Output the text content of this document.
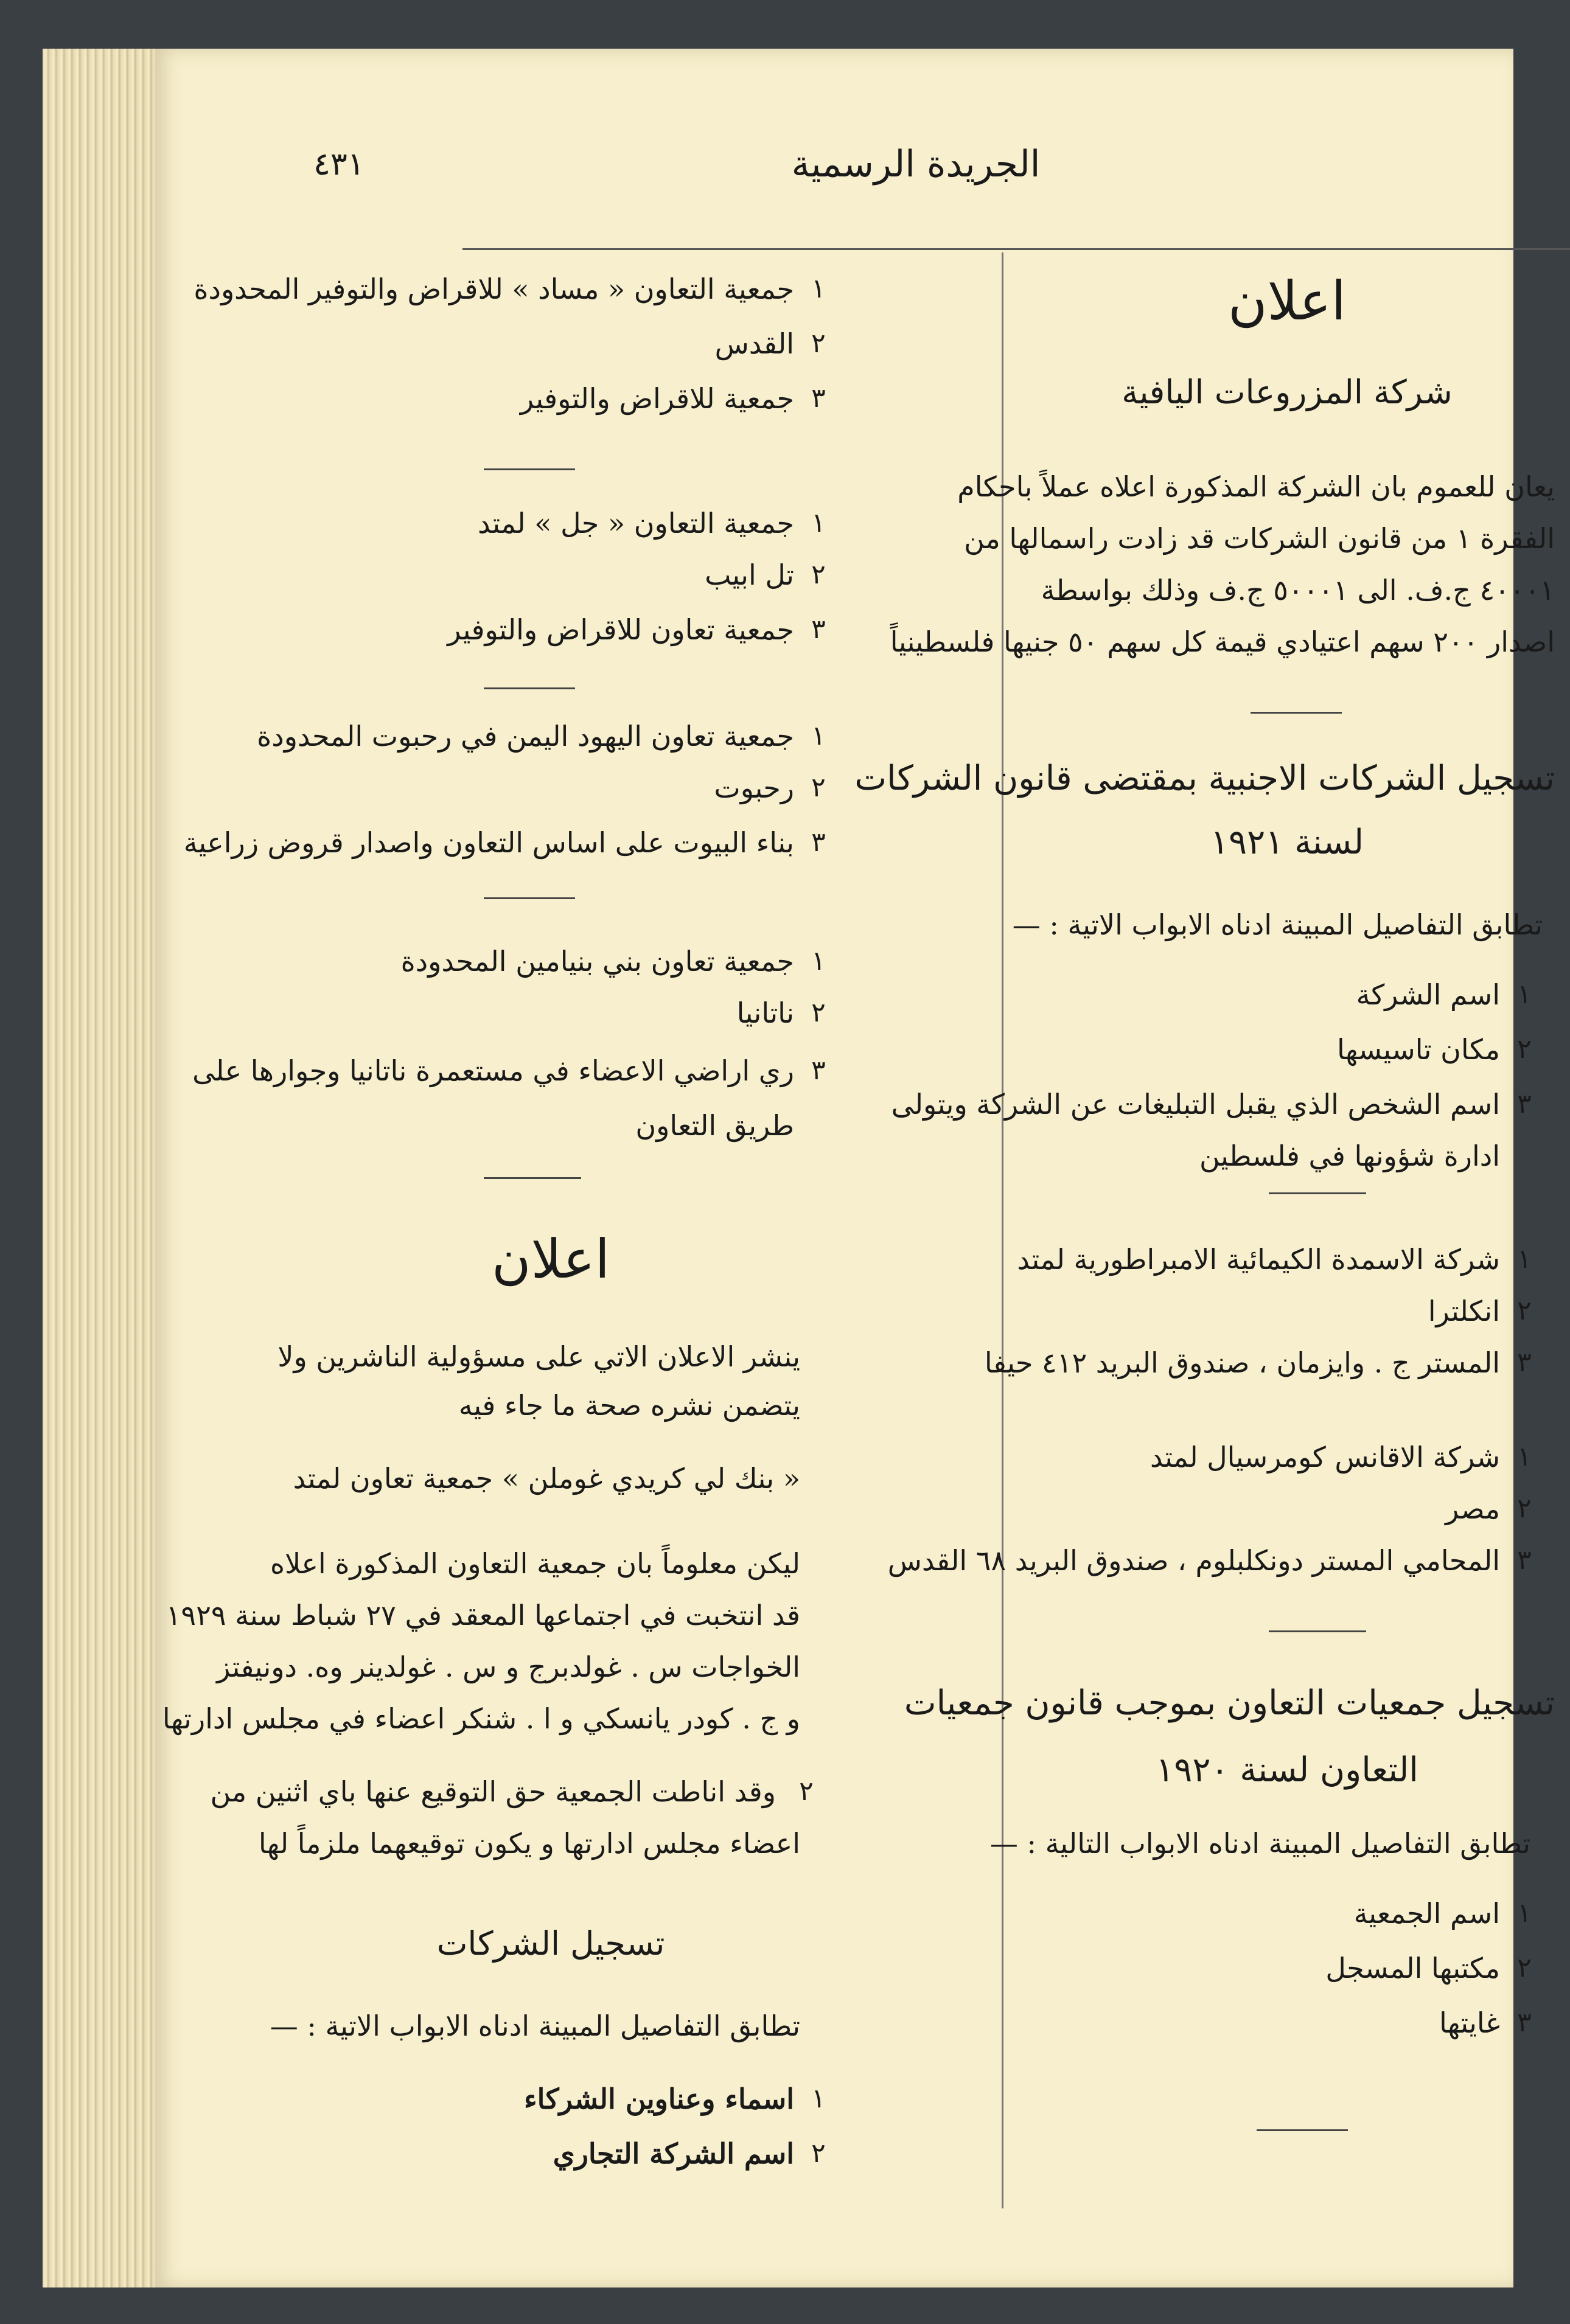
٤٣١	الجريدة الرسمية
اعلان
شركة المزروعات اليافية
يعان للعموم بان الشركة المذكورة اعلاه عملاً باحكام
الفقرة ١ من قانون الشركات قد زادت راسمالها من
٤٠٠٠١ ج.ف. الى ٥٠٠٠١ ج.ف وذلك بواسطة
اصدار ٢٠٠ سهم اعتيادي قيمة كل سهم ٥٠ جنيها فلسطينياً
تسجيل الشركات الاجنبية بمقتضى قانون الشركات
لسنة ١٩٢١
تطابق التفاصيل المبينة ادناه الابواب الاتية : —
١
اسم الشركة
٢
مكان تاسيسها
٣
اسم الشخص الذي يقبل التبليغات عن الشركة ويتولى
ادارة شؤونها في فلسطين
١
شركة الاسمدة الكيمائية الامبراطورية لمتد
٢
انكلترا
٣
المستر ج . وايزمان ، صندوق البريد ٤١٢ حيفا
١
شركة الاقانس كومرسيال لمتد
٢
مصر
٣
المحامي المستر دونكلبلوم ، صندوق البريد ٦٨ القدس
تسجيل جمعيات التعاون بموجب قانون جمعيات
التعاون لسنة ١٩٢٠
تطابق التفاصيل المبينة ادناه الابواب التالية : —
١
اسم الجمعية
٢
مكتبها المسجل
٣
غايتها
١
جمعية التعاون « مساد » للاقراض والتوفير المحدودة
٢
القدس
٣
جمعية للاقراض والتوفير
١
جمعية التعاون « جل » لمتد
٢
تل ابيب
٣
جمعية تعاون للاقراض والتوفير
١
جمعية تعاون اليهود اليمن في رحبوت المحدودة
٢
رحبوت
٣
بناء البيوت على اساس التعاون واصدار قروض زراعية
١
جمعية تعاون بني بنيامين المحدودة
٢
ناتانيا
٣
ري اراضي الاعضاء في مستعمرة ناتانيا وجوارها على
طريق التعاون
اعلان
ينشر الاعلان الاتي على مسؤولية الناشرين ولا
يتضمن نشره صحة ما جاء فيه
« بنك لي كريدي غوملن » جمعية تعاون لمتد
ليكن معلوماً بان جمعية التعاون المذكورة اعلاه
قد انتخبت في اجتماعها المعقد في ٢٧ شباط سنة ١٩٢٩
الخواجات س . غولدبرج و س . غولدينر وه. دونيفتز
و ج . كودر يانسكي و ا . شنكر اعضاء في مجلس ادارتها
٢
وقد اناطت الجمعية حق التوقيع عنها باي اثنين من
اعضاء مجلس ادارتها و يكون توقيعهما ملزماً لها
تسجيل الشركات
تطابق التفاصيل المبينة ادناه الابواب الاتية : —
١
اسماء وعناوين الشركاء
٢
اسم الشركة التجاري
